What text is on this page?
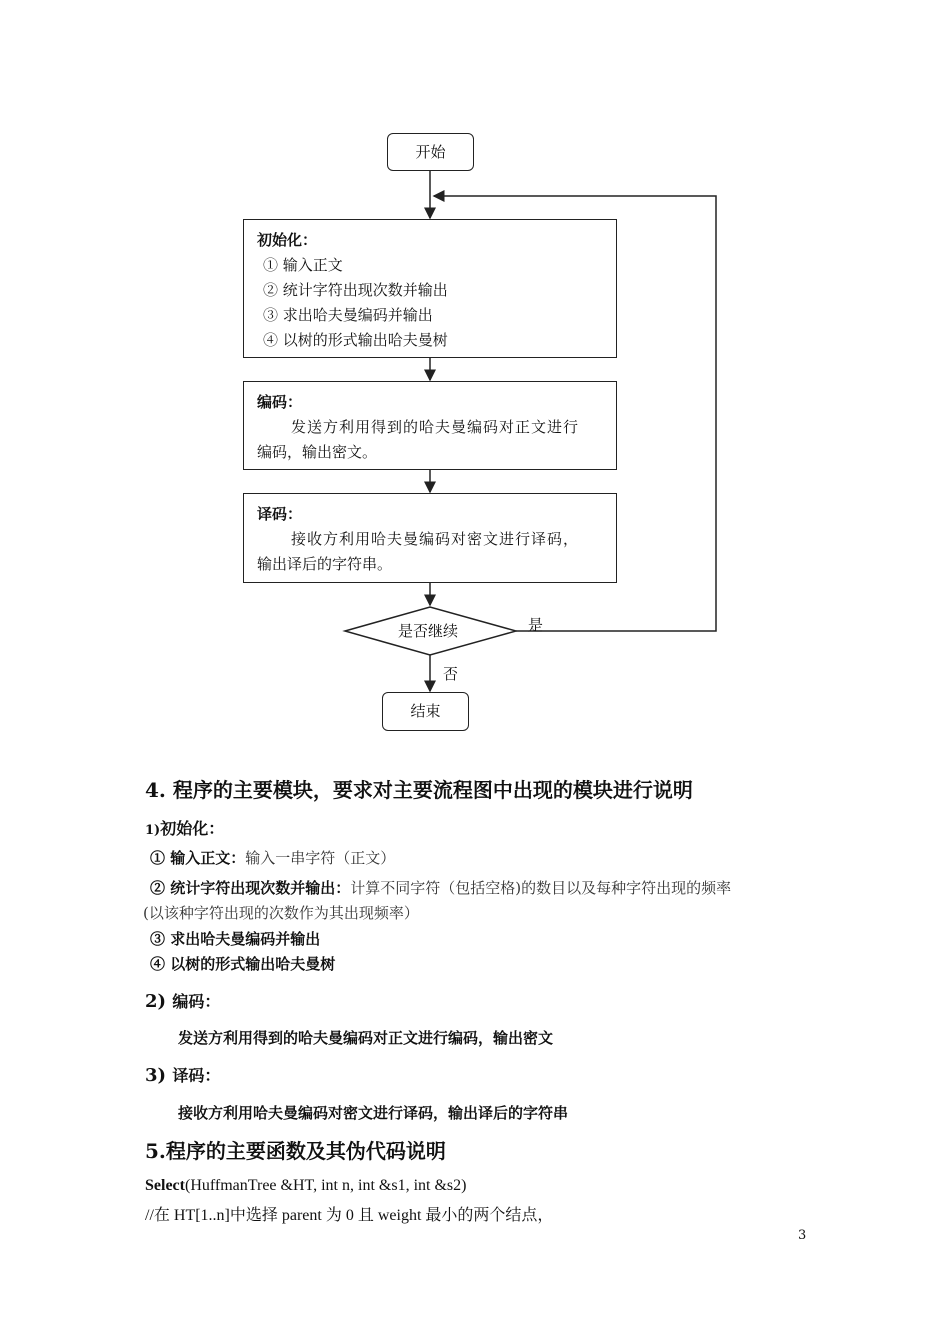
开始
初始化：
① 输入正文
② 统计字符出现次数并输出
③ 求出哈夫曼编码并输出
④ 以树的形式输出哈夫曼树
编码：
发送方利用得到的哈夫曼编码对正文进行
编码，输出密文。
译码：
接收方利用哈夫曼编码对密文进行译码，
输出译后的字符串。
是否继续	是
否
结束
4. 程序的主要模块，要求对主要流程图中出现的模块进行说明
1)初始化：
① 输入正文：输入一串字符（正文）
② 统计字符出现次数并输出：计算不同字符（包括空格)的数目以及每种字符出现的频率
(以该种字符出现的次数作为其出现频率）
③ 求出哈夫曼编码并输出
④ 以树的形式输出哈夫曼树
2) 编码：
发送方利用得到的哈夫曼编码对正文进行编码，输出密文
3) 译码：
接收方利用哈夫曼编码对密文进行译码，输出译后的字符串
5.程序的主要函数及其伪代码说明
Select(HuffmanTree &HT, int n, int &s1, int &s2)
//在 HT[1..n]中选择 parent 为 0 且 weight 最小的两个结点，
3
